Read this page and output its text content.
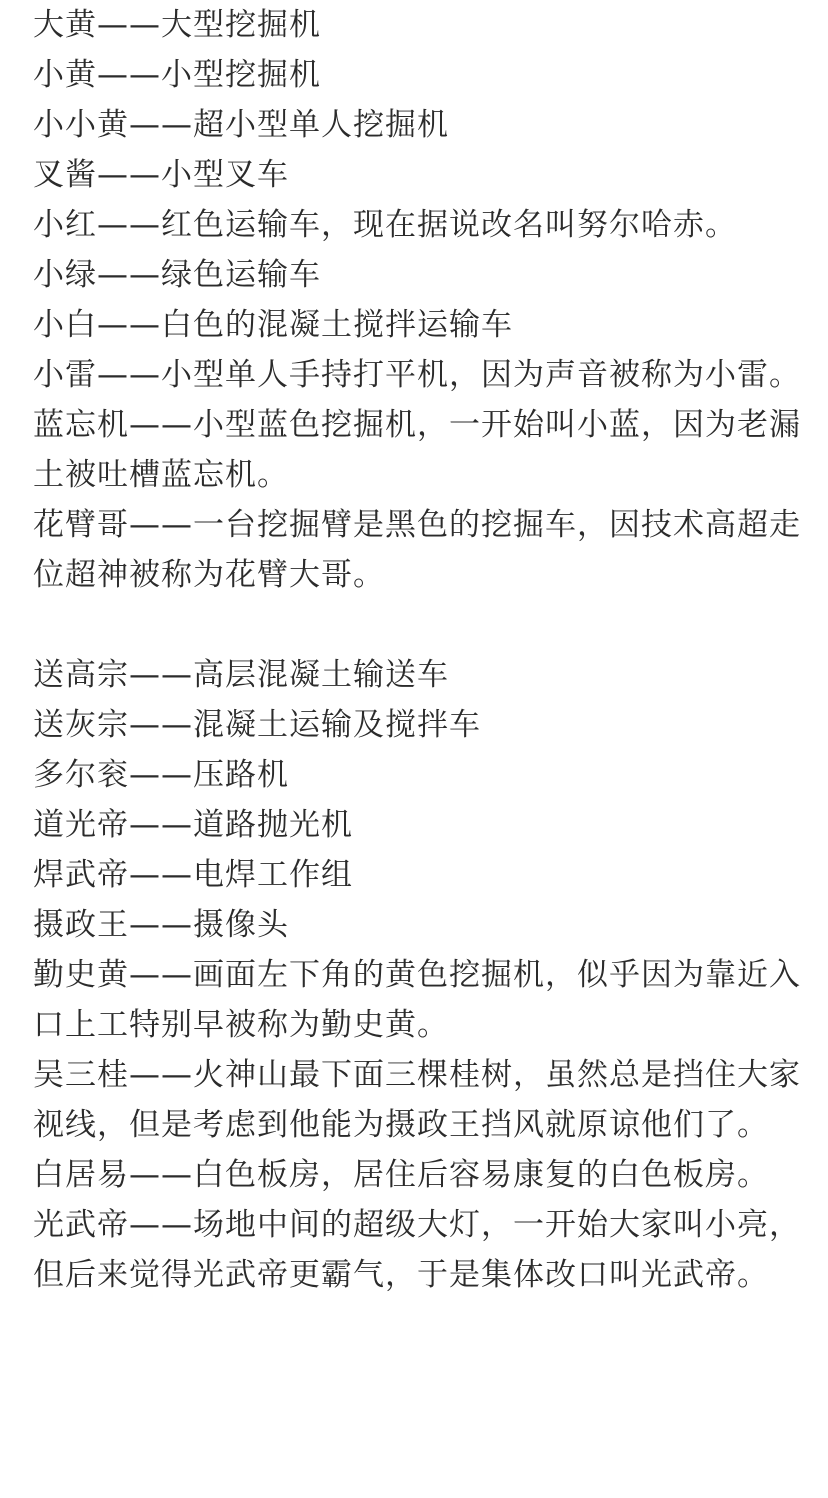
大黄——大型挖掘机

小黄——小型挖掘机

小小黄——超小型单人挖掘机

叉酱——小型叉车

小红——红色运输车，现在据说改名叫努尔哈赤。

小绿——绿色运输车

小白——白色的混凝土搅拌运输车

小雷——小型单人手持打平机，因为声音被称为小雷。

蓝忘机——小型蓝色挖掘机，一开始叫小蓝，因为老漏土被吐槽蓝忘机。

花臂哥——一台挖掘臂是黑色的挖掘车，因技术高超走位超神被称为花臂大哥。

送高宗——高层混凝土输送车

送灰宗——混凝土运输及搅拌车

多尔衮——压路机

道光帝——道路抛光机

焊武帝——电焊工作组

摄政王——摄像头

勤史黄——画面左下角的黄色挖掘机，似乎因为靠近入口上工特别早被称为勤史黄。

吴三桂——火神山最下面三棵桂树，虽然总是挡住大家视线，但是考虑到他能为摄政王挡风就原谅他们了。

白居易——白色板房，居住后容易康复的白色板房。

光武帝——场地中间的超级大灯，一开始大家叫小亮，但后来觉得光武帝更霸气，于是集体改口叫光武帝。
